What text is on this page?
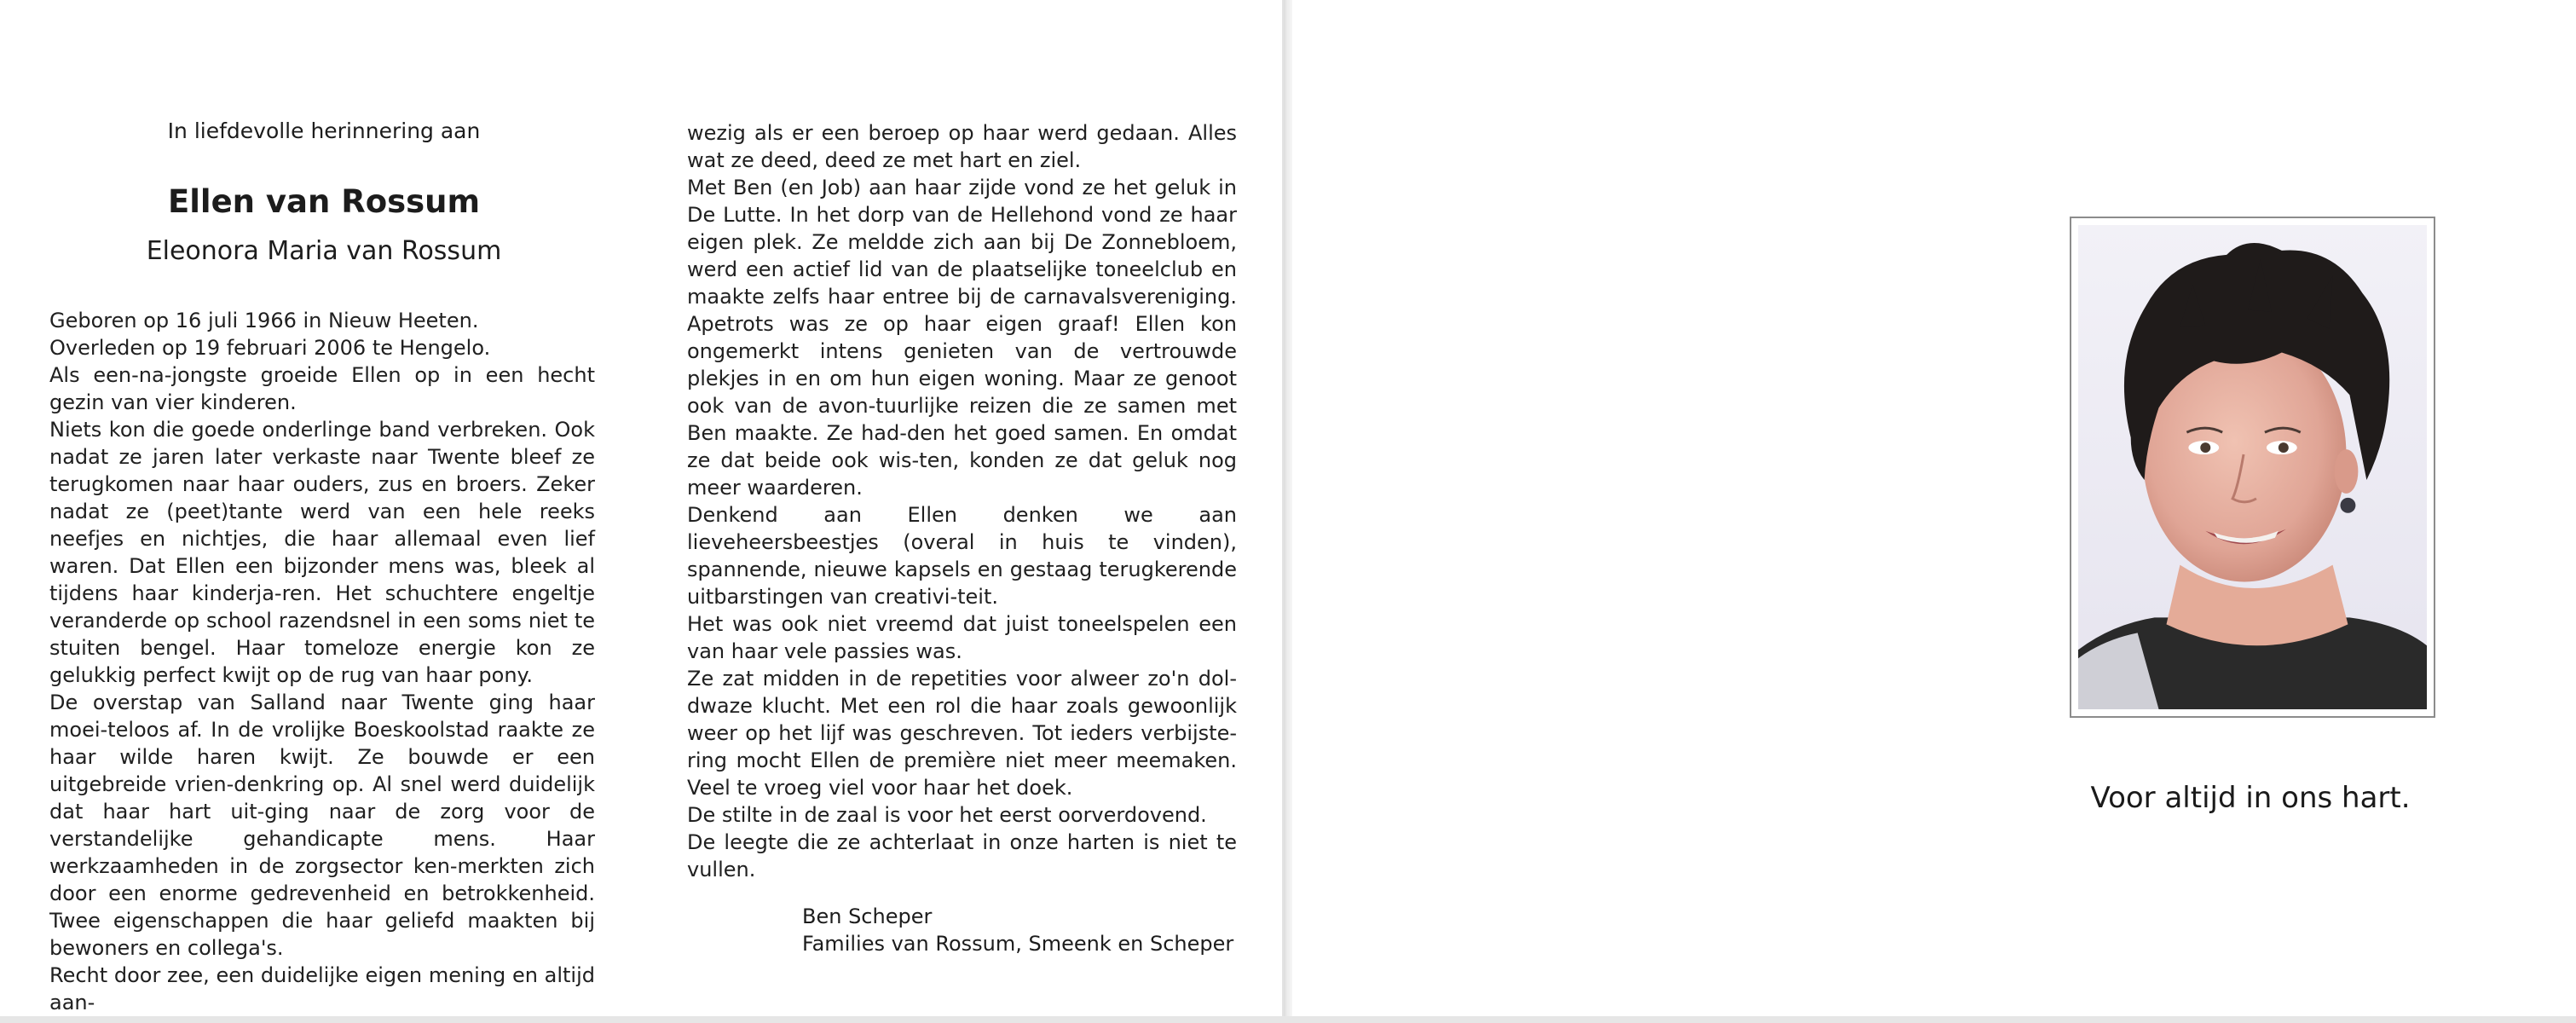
In liefdevolle herinnering aan
Ellen van Rossum
Eleonora Maria van Rossum

Geboren op 16 juli 1966 in Nieuw Heeten.

Overleden op 19 februari 2006 te Hengelo.

Als een-na-jongste groeide Ellen op in een hecht gezin van vier kinderen.

Niets kon die goede onderlinge band verbreken. Ook nadat ze jaren later verkaste naar Twente bleef ze terugkomen naar haar ouders, zus en broers. Zeker nadat ze (peet)tante werd van een hele reeks neefjes en nichtjes, die haar allemaal even lief waren. Dat Ellen een bijzonder mens was, bleek al tijdens haar kinderja-ren. Het schuchtere engeltje veranderde op school razendsnel in een soms niet te stuiten bengel. Haar tomeloze energie kon ze gelukkig perfect kwijt op de rug van haar pony.

De overstap van Salland naar Twente ging haar moei-teloos af. In de vrolijke Boeskoolstad raakte ze haar wilde haren kwijt. Ze bouwde er een uitgebreide vrien-denkring op. Al snel werd duidelijk dat haar hart uit-ging naar de zorg voor de verstandelijke gehandicapte mens. Haar werkzaamheden in de zorgsector ken-merkten zich door een enorme gedrevenheid en betrokkenheid. Twee eigenschappen die haar geliefd maakten bij bewoners en collega's.

Recht door zee, een duidelijke eigen mening en altijd aan-

wezig als er een beroep op haar werd gedaan. Alles wat ze deed, deed ze met hart en ziel.

Met Ben (en Job) aan haar zijde vond ze het geluk in De Lutte. In het dorp van de Hellehond vond ze haar eigen plek. Ze meldde zich aan bij De Zonnebloem, werd een actief lid van de plaatselijke toneelclub en maakte zelfs haar entree bij de carnavalsvereniging. Apetrots was ze op haar eigen graaf! Ellen kon ongemerkt intens genieten van de vertrouwde plekjes in en om hun eigen woning. Maar ze genoot ook van de avon-tuurlijke reizen die ze samen met Ben maakte. Ze had-den het goed samen. En omdat ze dat beide ook wis-ten, konden ze dat geluk nog meer waarderen.

Denkend aan Ellen denken we aan lieveheersbeestjes (overal in huis te vinden), spannende, nieuwe kapsels en gestaag terugkerende uitbarstingen van creativi-teit.

Het was ook niet vreemd dat juist toneelspelen een van haar vele passies was.

Ze zat midden in de repetities voor alweer zo'n dol-dwaze klucht. Met een rol die haar zoals gewoonlijk weer op het lijf was geschreven. Tot ieders verbijste-ring mocht Ellen de première niet meer meemaken. Veel te vroeg viel voor haar het doek.

De stilte in de zaal is voor het eerst oorverdovend.

De leegte die ze achterlaat in onze harten is niet te vullen.

Ben Scheper
Families van Rossum, Smeenk en Scheper
Voor altijd in ons hart.
